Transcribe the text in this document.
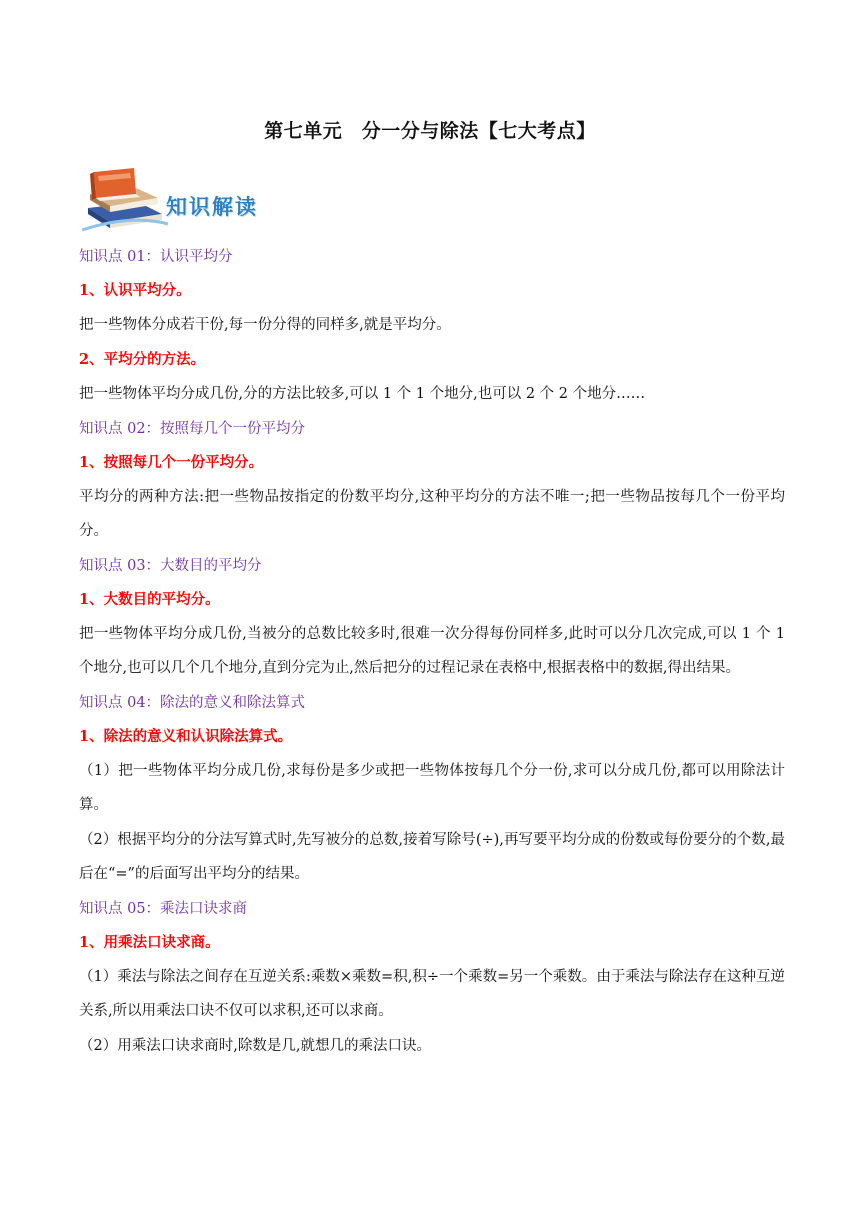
第七单元　分一分与除法【七大考点】
知识解读
知识点 01：认识平均分
1、认识平均分。
把一些物体分成若干份,每一份分得的同样多,就是平均分。
2、平均分的方法。
把一些物体平均分成几份,分的方法比较多,可以 1 个 1 个地分,也可以 2 个 2 个地分……
知识点 02：按照每几个一份平均分
1、按照每几个一份平均分。
平均分的两种方法:把一些物品按指定的份数平均分,这种平均分的方法不唯一;把一些物品按每几个一份平均分。
知识点 03：大数目的平均分
1、大数目的平均分。
把一些物体平均分成几份,当被分的总数比较多时,很难一次分得每份同样多,此时可以分几次完成,可以 1 个 1 个地分,也可以几个几个地分,直到分完为止,然后把分的过程记录在表格中,根据表格中的数据,得出结果。
知识点 04：除法的意义和除法算式
1、除法的意义和认识除法算式。
（1）把一些物体平均分成几份,求每份是多少或把一些物体按每几个分一份,求可以分成几份,都可以用除法计算。
（2）根据平均分的分法写算式时,先写被分的总数,接着写除号(÷),再写要平均分成的份数或每份要分的个数,最后在“=”的后面写出平均分的结果。
知识点 05：乘法口诀求商
1、用乘法口诀求商。
（1）乘法与除法之间存在互逆关系:乘数×乘数=积,积÷一个乘数=另一个乘数。由于乘法与除法存在这种互逆关系,所以用乘法口诀不仅可以求积,还可以求商。
（2）用乘法口诀求商时,除数是几,就想几的乘法口诀。
